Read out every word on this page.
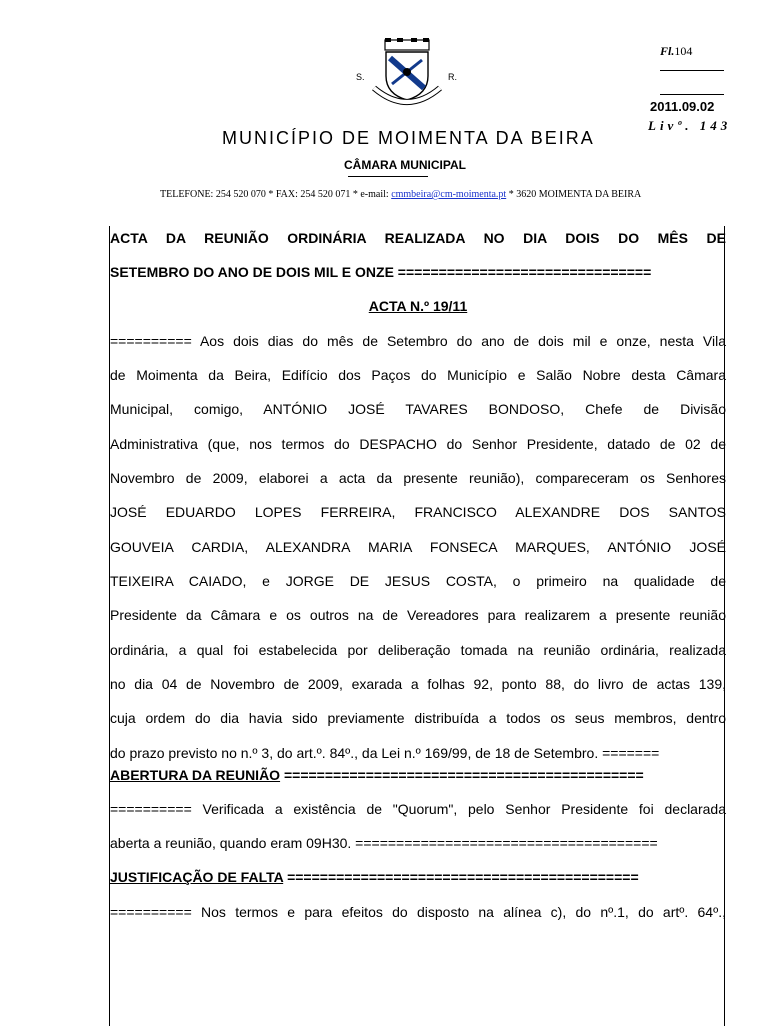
S.	R.
Fl.104
2011.09.02
Livº. 143
MUNICÍPIO DE MOIMENTA DA BEIRA
CÂMARA MUNICIPAL
TELEFONE: 254 520 070 * FAX: 254 520 071 * e-mail: cmmbeira@cm-moimenta.pt * 3620 MOIMENTA DA BEIRA
ACTA DA REUNIÃO ORDINÁRIA REALIZADA NO DIA DOIS DO MÊS DE
SETEMBRO DO ANO DE DOIS MIL E ONZE ===============================
ACTA N.º 19/11
========== Aos dois dias do mês de Setembro do ano de dois mil e onze, nesta Vila
de Moimenta da Beira, Edifício dos Paços do Município e Salão Nobre desta Câmara
Municipal, comigo, ANTÓNIO JOSÉ TAVARES BONDOSO, Chefe de Divisão
Administrativa (que, nos termos do DESPACHO do Senhor Presidente, datado de 02 de
Novembro de 2009, elaborei a acta da presente reunião), compareceram os Senhores
JOSÉ EDUARDO LOPES FERREIRA, FRANCISCO ALEXANDRE DOS SANTOS
GOUVEIA CARDIA, ALEXANDRA MARIA FONSECA MARQUES, ANTÓNIO JOSÉ
TEIXEIRA CAIADO, e JORGE DE JESUS COSTA, o primeiro na qualidade de
Presidente da Câmara e os outros na de Vereadores para realizarem a presente reunião
ordinária, a qual foi estabelecida por deliberação tomada na reunião ordinária, realizada
no dia 04 de Novembro de 2009, exarada a folhas 92, ponto 88, do livro de actas 139,
cuja ordem do dia havia sido previamente distribuída a todos os seus membros, dentro
do prazo previsto no n.º 3, do art.º. 84º., da Lei n.º 169/99, de 18 de Setembro. =======
ABERTURA DA REUNIÃO ============================================
========== Verificada a existência de "Quorum", pelo Senhor Presidente foi declarada
aberta a reunião, quando eram 09H30. =====================================
JUSTIFICAÇÃO DE FALTA ===========================================
========== Nos termos e para efeitos do disposto na alínea c), do nº.1, do artº. 64º.,
